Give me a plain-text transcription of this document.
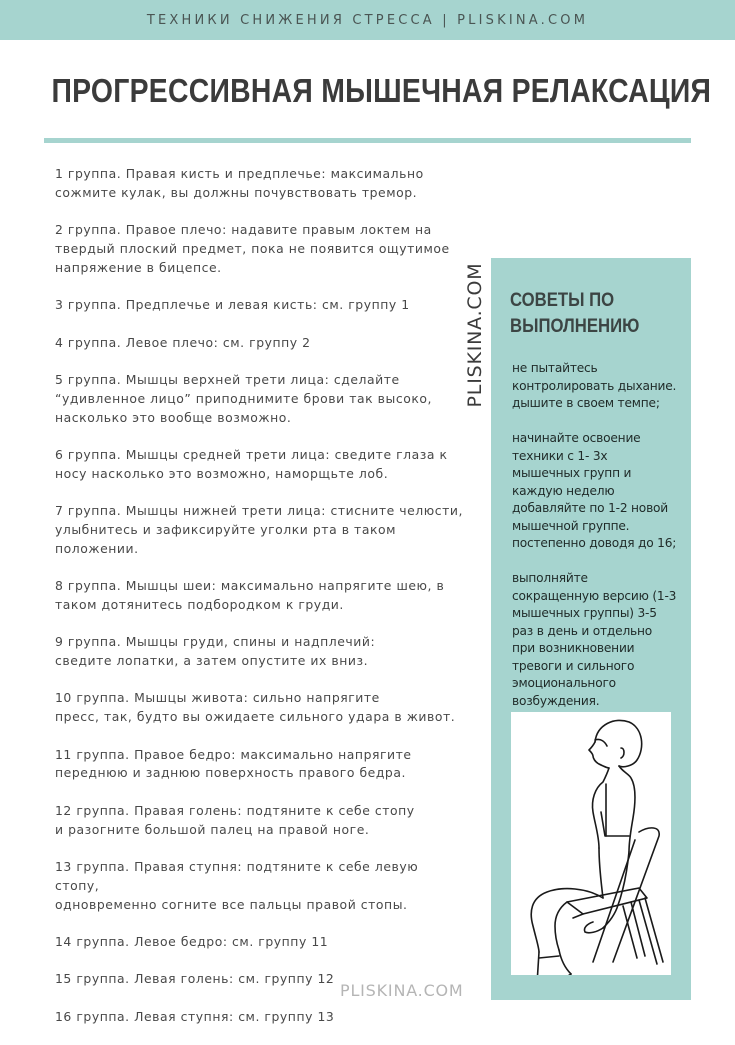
ТЕХНИКИ СНИЖЕНИЯ СТРЕССА | PLISKINA.COM
ПРОГРЕССИВНАЯ МЫШЕЧНАЯ РЕЛАКСАЦИЯ

1 группа. Правая кисть и предплечье: максимально
сожмите кулак, вы должны почувствовать тремор.

2 группа. Правое плечо: надавите правым локтем на
твердый плоский предмет, пока не появится ощутимое
напряжение в бицепсе.

3 группа. Предплечье и левая кисть: см. группу 1

4 группа. Левое плечо: см. группу 2

5 группа. Мышцы верхней трети лица: сделайте
“удивленное лицо” приподнимите брови так высоко,
насколько это вообще возможно.

6 группа. Мышцы средней трети лица: сведите глаза к
носу насколько это возможно, наморщьте лоб.

7 группа. Мышцы нижней трети лица: стисните челюсти,
улыбнитесь и зафиксируйте уголки рта в таком
положении.

8 группа. Мышцы шеи: максимально напрягите шею, в
таком дотянитесь подбородком к груди.

9 группа. Мышцы груди, спины и надплечий:
сведите лопатки, а затем опустите их вниз.

10 группа. Мышцы живота: сильно напрягите
пресс, так, будто вы ожидаете сильного удара в живот.

11 группа. Правое бедро: максимально напрягите
переднюю и заднюю поверхность правого бедра.

12 группа. Правая голень: подтяните к себе стопу
и разогните большой палец на правой ноге.

13 группа. Правая ступня: подтяните к себе левую стопу,
одновременно согните все пальцы правой стопы.

14 группа. Левое бедро: см. группу 11

15 группа. Левая голень: см. группу 12

16 группа. Левая ступня: см. группу 13

PLISKINA.COM
PLISKINA.COM
СОВЕТЫ ПО
ВЫПОЛНЕНИЮ

не пытайтесь
контролировать дыхание.
дышите в своем темпе;

начинайте освоение
техники с 1- 3х
мышечных групп и
каждую неделю
добавляйте по 1-2 новой
мышечной группе.
постепенно доводя до 16;

выполняйте
сокращенную версию (1-3
мышечных группы) 3-5
раз в день и отдельно
при возникновении
тревоги и сильного
эмоционального
возбуждения.
